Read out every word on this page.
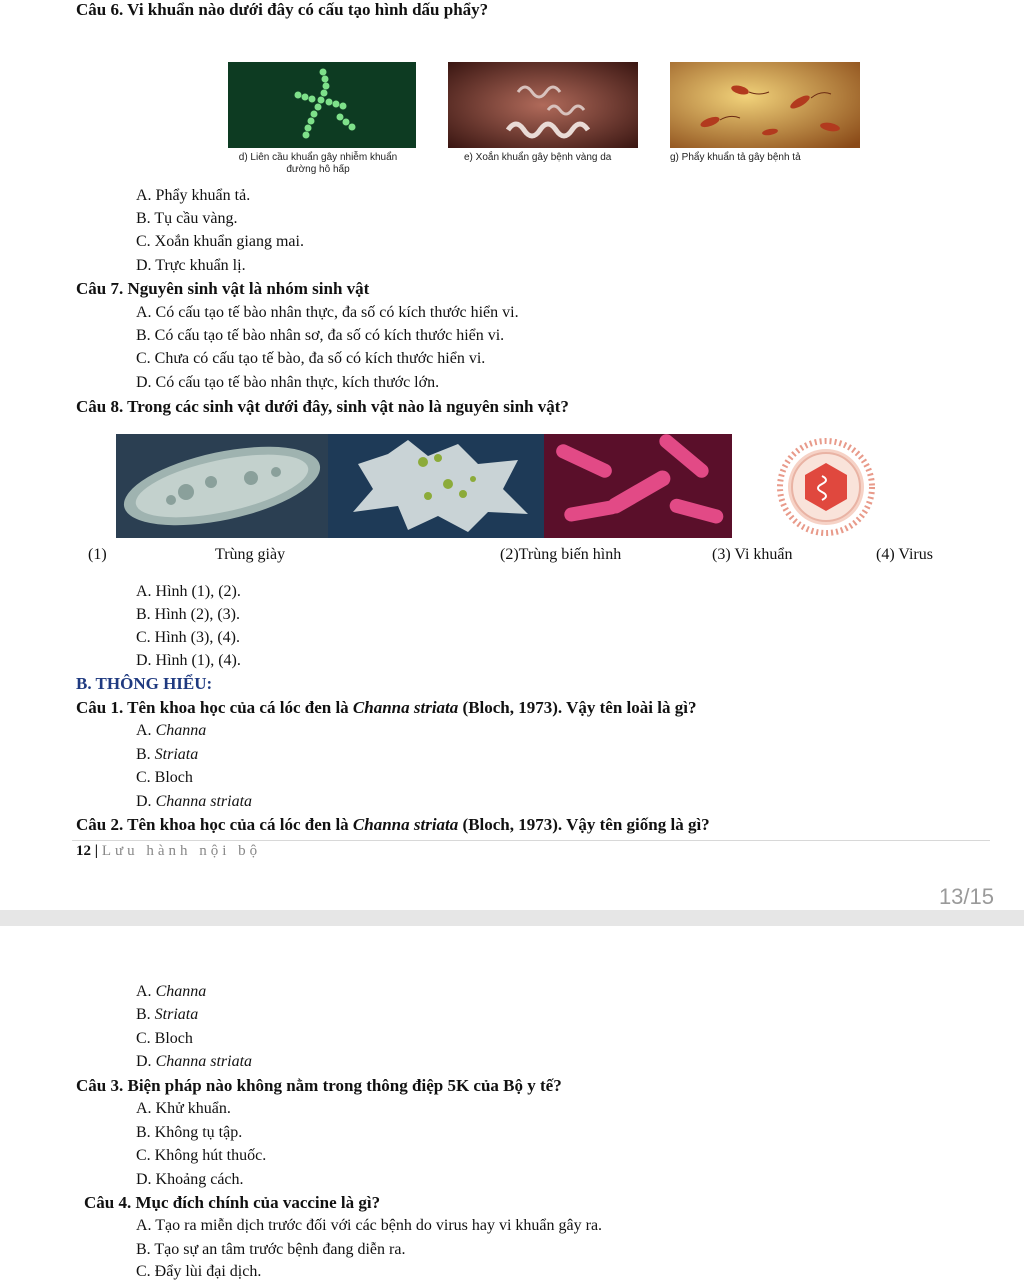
Câu 6. Vi khuẩn nào dưới đây có cấu tạo hình dấu phẩy?
d) Liên cầu khuẩn gây nhiễm khuẩn đường hô hấp
e) Xoắn khuẩn gây bệnh vàng da	g) Phẩy khuẩn tả gây bệnh tả
A. Phẩy khuẩn tả.
B. Tụ cầu vàng.
C. Xoắn khuẩn giang mai.
D. Trực khuẩn lị.
Câu 7. Nguyên sinh vật là nhóm sinh vật
A. Có cấu tạo tế bào nhân thực, đa số có kích thước hiển vi.
B. Có cấu tạo tế bào nhân sơ, đa số có kích thước hiển vi.
C. Chưa có cấu tạo tế bào, đa số có kích thước hiển vi.
D. Có cấu tạo tế bào nhân thực, kích thước lớn.
Câu 8. Trong các sinh vật dưới đây, sinh vật nào là nguyên sinh vật?
(1)	Trùng giày	(2)Trùng biến hình	(3) Vi khuẩn	(4) Virus
A. Hình (1), (2).
B. Hình (2), (3).
C. Hình (3), (4).
D. Hình (1), (4).
B. THÔNG HIỂU:
Câu 1. Tên khoa học của cá lóc đen là Channa striata (Bloch, 1973). Vậy tên loài là gì?
A. Channa
B. Striata
C. Bloch
D. Channa striata
Câu 2. Tên khoa học của cá lóc đen là Channa striata (Bloch, 1973). Vậy tên giống là gì?
12 | Lưu hành nội bộ
13/15
A. Channa
B. Striata
C. Bloch
D. Channa striata
Câu 3. Biện pháp nào không nằm trong thông điệp 5K của Bộ y tế?
A. Khử khuẩn.
B. Không tụ tập.
C. Không hút thuốc.
D. Khoảng cách.
Câu 4. Mục đích chính của vaccine là gì?
A. Tạo ra miễn dịch trước đối với các bệnh do virus hay vi khuẩn gây ra.
B. Tạo sự an tâm trước bệnh đang diễn ra.
C. Đẩy lùi đại dịch.
